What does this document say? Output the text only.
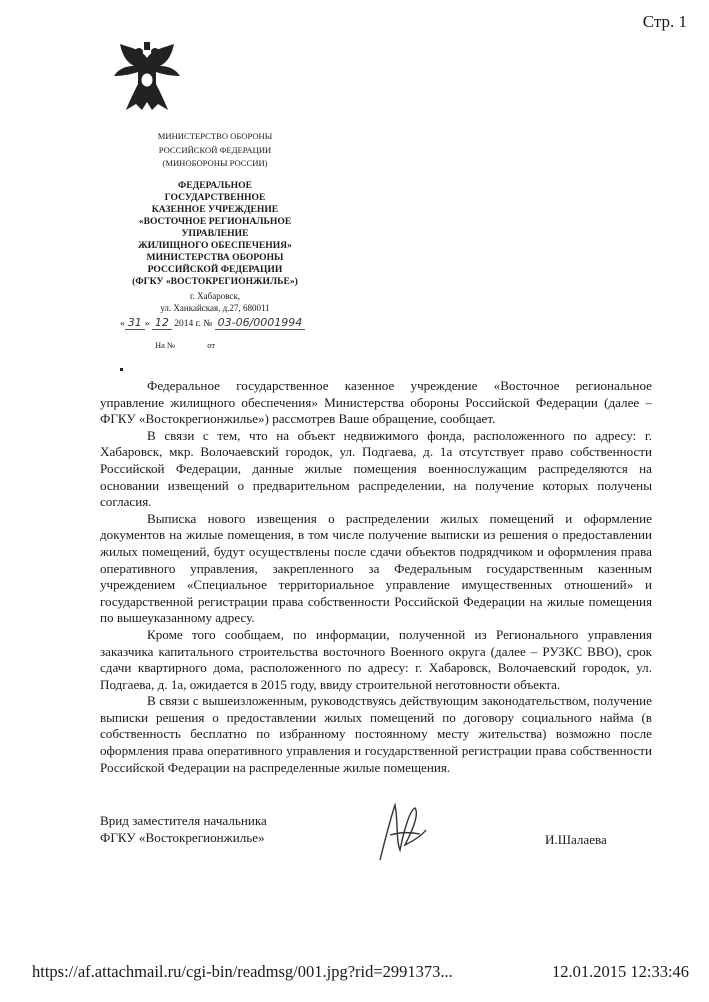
Стр. 1
МИНИСТЕРСТВО ОБОРОНЫ
РОССИЙСКОЙ ФЕДЕРАЦИИ
(МИНОБОРОНЫ РОССИИ)
ФЕДЕРАЛЬНОЕ
ГОСУДАРСТВЕННОЕ
КАЗЕННОЕ УЧРЕЖДЕНИЕ
«ВОСТОЧНОЕ РЕГИОНАЛЬНОЕ
УПРАВЛЕНИЕ
ЖИЛИЩНОГО ОБЕСПЕЧЕНИЯ»
МИНИСТЕРСТВА ОБОРОНЫ
РОССИЙСКОЙ ФЕДЕРАЦИИ
(ФГКУ «ВОСТОКРЕГИОНЖИЛЬЕ»)
г. Хабаровск,
ул. Ханкайская, д.27, 680011
« 31 » 12 2014 г. № 03-06/0001994
На №	от

Федеральное государственное казенное учреждение «Восточное региональное управление жилищного обеспечения» Министерства обороны Российской Федерации (далее – ФГКУ «Востокрегионжилье») рассмотрев Ваше обращение, сообщает.

В связи с тем, что на объект недвижимого фонда, расположенного по адресу: г. Хабаровск, мкр. Волочаевский городок, ул. Подгаева, д. 1а отсутствует право собственности Российской Федерации, данные жилые помещения военнослужащим распределяются на основании извещений о предварительном распределении, на получение которых получены согласия.

Выписка нового извещения о распределении жилых помещений и оформление документов на жилые помещения, в том числе получение выписки из решения о предоставлении жилых помещений, будут осуществлены после сдачи объектов подрядчиком и оформления права оперативного управления, закрепленного за Федеральным государственным казенным учреждением «Специальное территориальное управление имущественных отношений» и государственной регистрации права собственности Российской Федерации на жилые помещения по вышеуказанному адресу.

Кроме того сообщаем, по информации, полученной из Регионального управления заказчика капитального строительства восточного Военного округа (далее – РУЗКС ВВО), срок сдачи квартирного дома, расположенного по адресу: г. Хабаровск, Волочаевский городок, ул. Подгаева, д. 1а, ожидается в 2015 году, ввиду строительной неготовности объекта.

В связи с вышеизложенным, руководствуясь действующим законодательством, получение выписки решения о предоставлении жилых помещений по договору социального найма (в собственность бесплатно по избранному постоянному месту жительства) возможно после оформления права оперативного управления и государственной регистрации права собственности Российской Федерации на распределенные жилые помещения.

Врид заместителя начальника
ФГКУ «Востокрегионжилье»	И.Шалаева
https://af.attachmail.ru/cgi-bin/readmsg/001.jpg?rid=2991373...	12.01.2015 12:33:46
